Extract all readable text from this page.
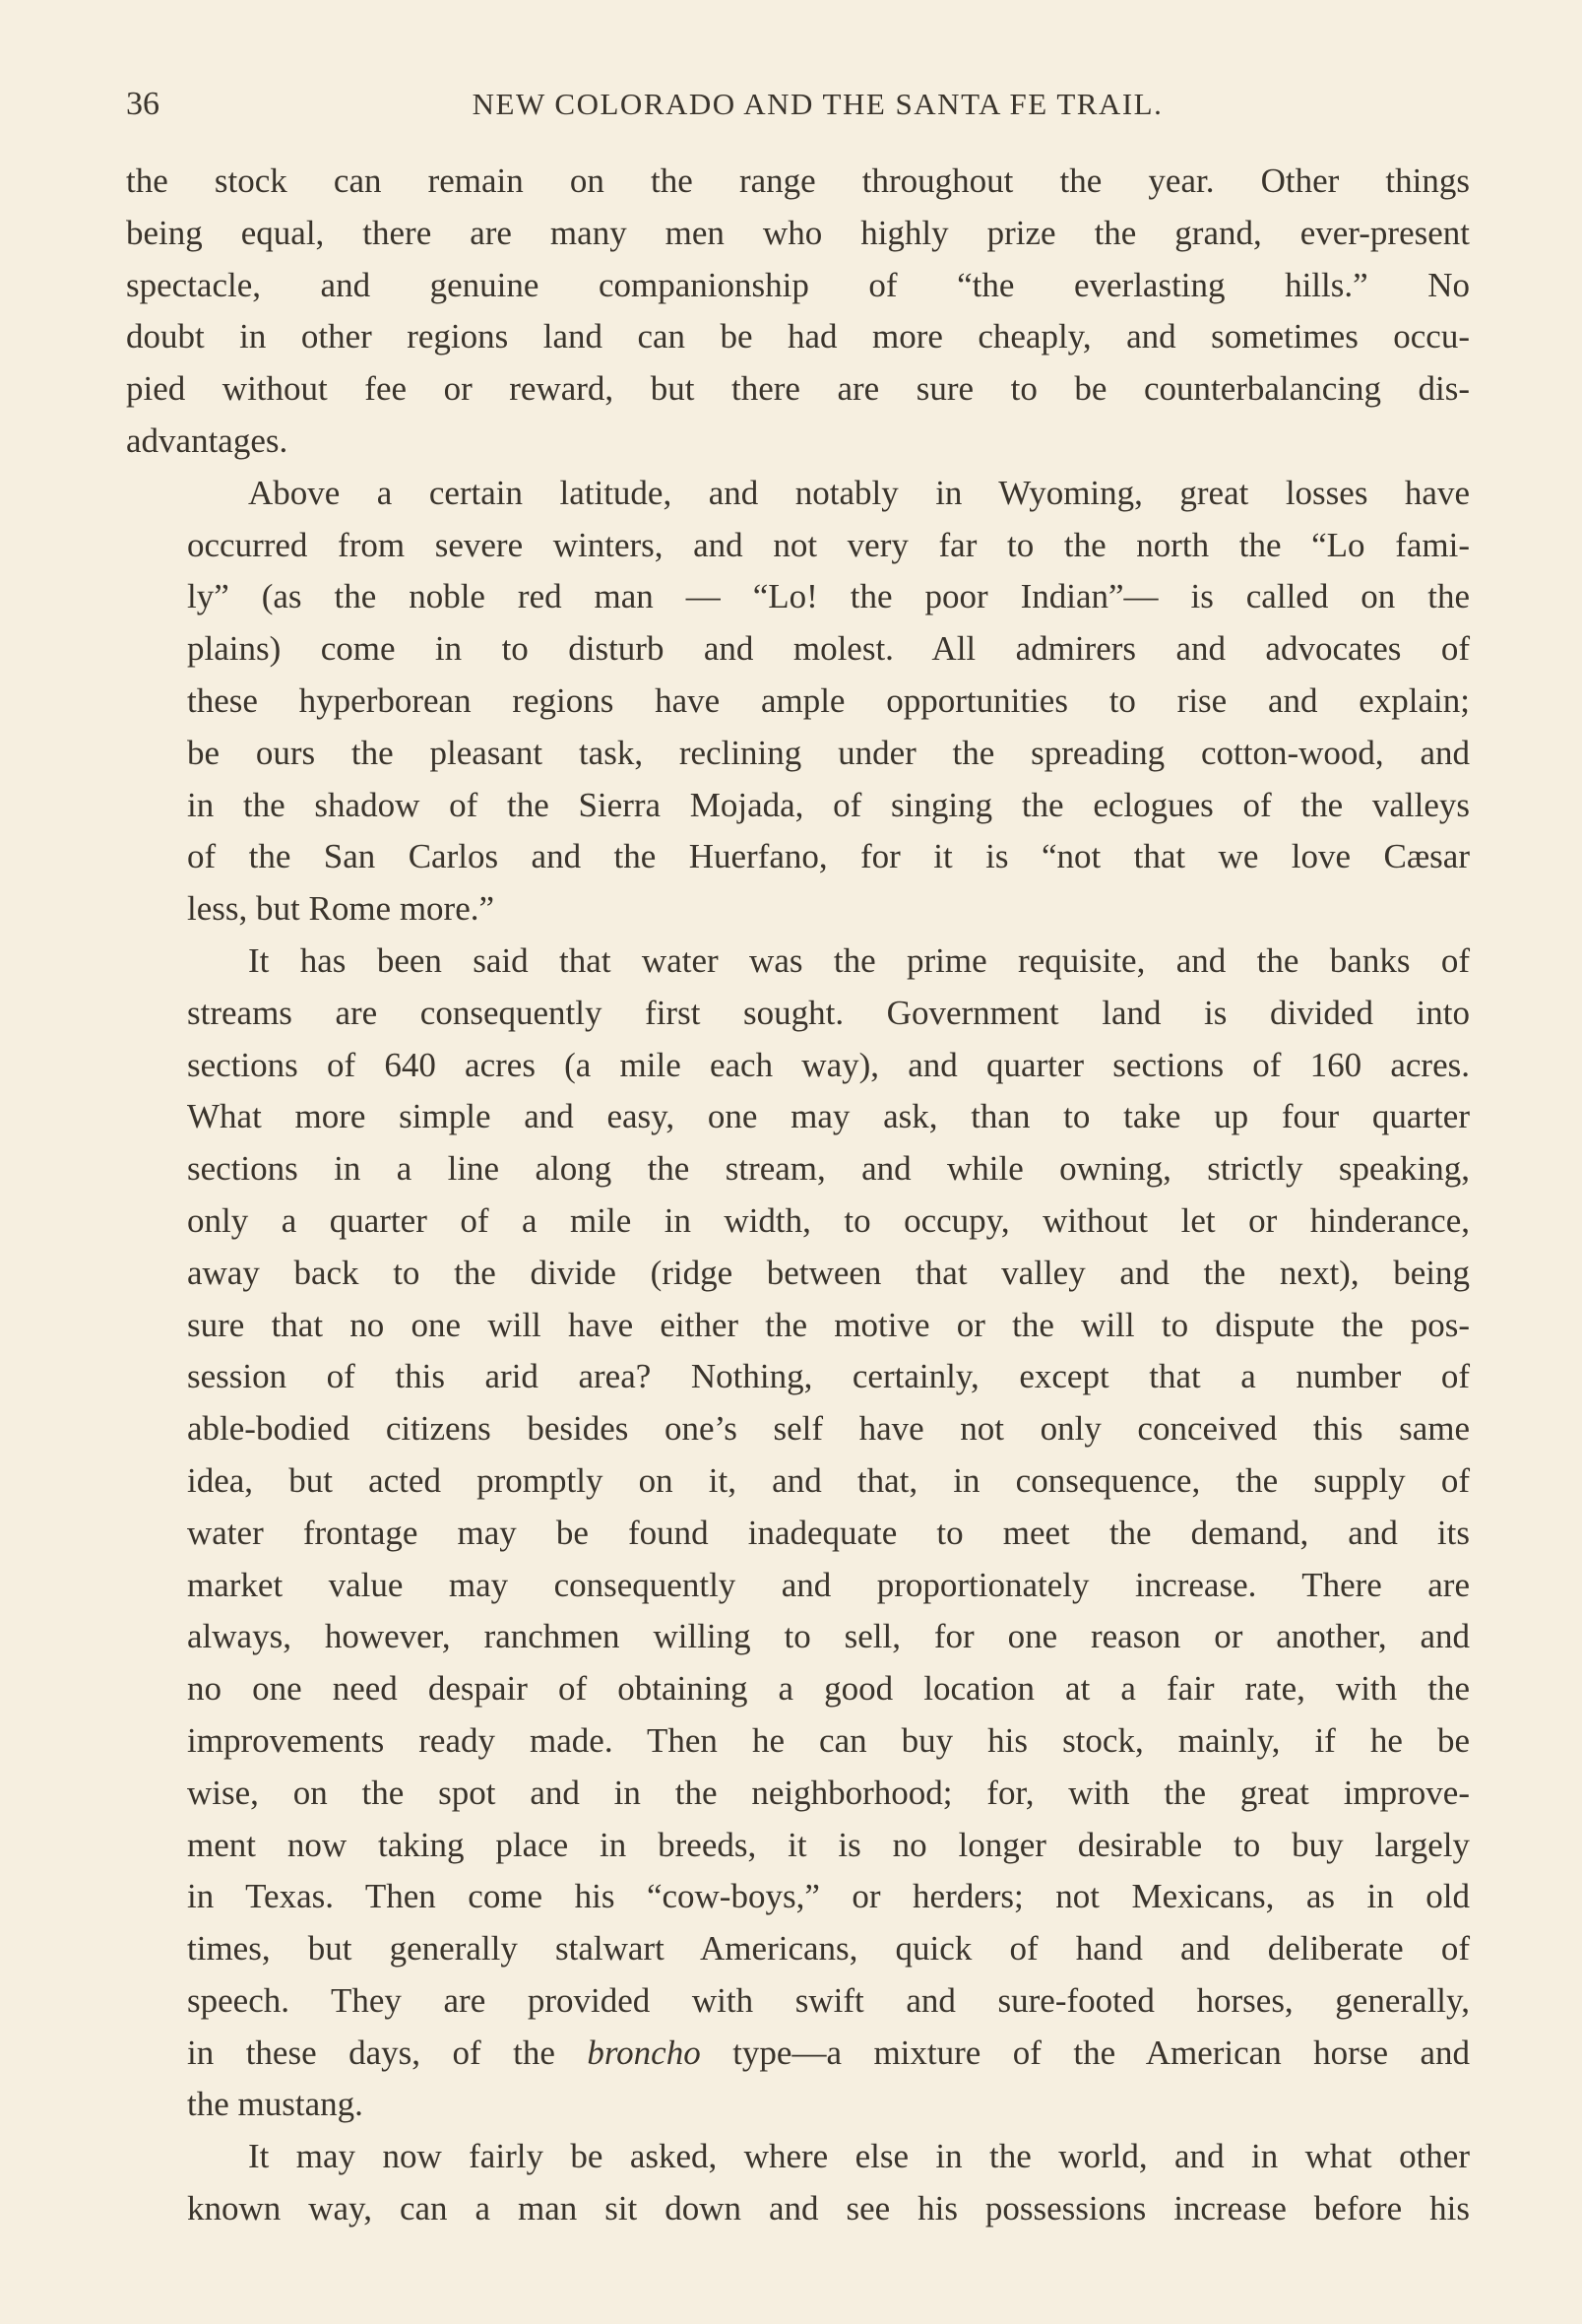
36	NEW COLORADO AND THE SANTA FE TRAIL.
the stock can remain on the range throughout the year. Other things
being equal, there are many men who highly prize the grand, ever-present
spectacle, and genuine companionship of “the everlasting hills.” No
doubt in other regions land can be had more cheaply, and sometimes occu-
pied without fee or reward, but there are sure to be counterbalancing dis-
advantages.
Above a certain latitude, and notably in Wyoming, great losses have
occurred from severe winters, and not very far to the north the “Lo fami-
ly” (as the noble red man — “Lo! the poor Indian”— is called on the
plains) come in to disturb and molest. All admirers and advocates of
these hyperborean regions have ample opportunities to rise and explain;
be ours the pleasant task, reclining under the spreading cotton-wood, and
in the shadow of the Sierra Mojada, of singing the eclogues of the valleys
of the San Carlos and the Huerfano, for it is “not that we love Cæsar
less, but Rome more.”
It has been said that water was the prime requisite, and the banks of
streams are consequently first sought. Government land is divided into
sections of 640 acres (a mile each way), and quarter sections of 160 acres.
What more simple and easy, one may ask, than to take up four quarter
sections in a line along the stream, and while owning, strictly speaking,
only a quarter of a mile in width, to occupy, without let or hinderance,
away back to the divide (ridge between that valley and the next), being
sure that no one will have either the motive or the will to dispute the pos-
session of this arid area? Nothing, certainly, except that a number of
able-bodied citizens besides one’s self have not only conceived this same
idea, but acted promptly on it, and that, in consequence, the supply of
water frontage may be found inadequate to meet the demand, and its
market value may consequently and proportionately increase. There are
always, however, ranchmen willing to sell, for one reason or another, and
no one need despair of obtaining a good location at a fair rate, with the
improvements ready made. Then he can buy his stock, mainly, if he be
wise, on the spot and in the neighborhood; for, with the great improve-
ment now taking place in breeds, it is no longer desirable to buy largely
in Texas. Then come his “cow-boys,” or herders; not Mexicans, as in old
times, but generally stalwart Americans, quick of hand and deliberate of
speech. They are provided with swift and sure-footed horses, generally,
in these days, of the broncho type—a mixture of the American horse and
the mustang.
It may now fairly be asked, where else in the world, and in what other
known way, can a man sit down and see his possessions increase before his
